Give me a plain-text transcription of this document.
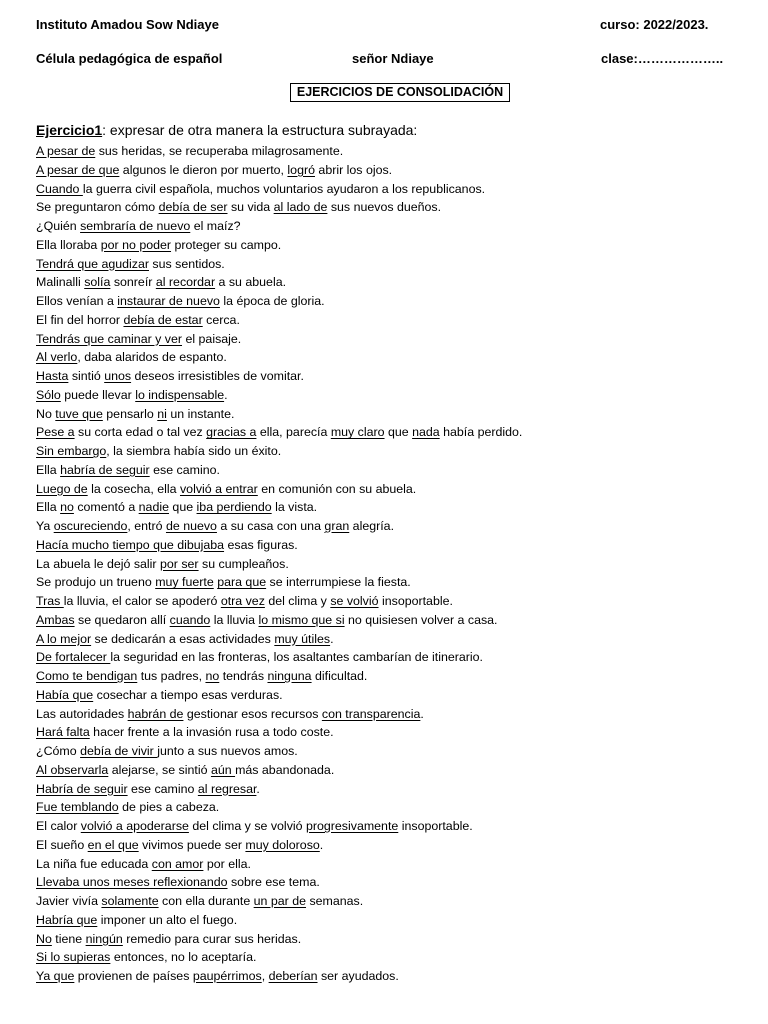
Instituto Amadou Sow Ndiaye	curso: 2022/2023.
Célula pedagógica de español	señor Ndiaye	clase:………………..
EJERCICIOS DE CONSOLIDACIÓN
Ejercicio1: expresar de otra manera la estructura subrayada:
A pesar de sus heridas, se recuperaba milagrosamente.
A pesar de que algunos le dieron por muerto, logró abrir los ojos.
Cuando la guerra civil española, muchos voluntarios ayudaron a los republicanos.
Se preguntaron cómo debía de ser su vida al lado de sus nuevos dueños.
¿Quién sembraría de nuevo el maíz?
Ella lloraba por no poder proteger su campo.
Tendrá que agudizar sus sentidos.
Malinalli solía sonreír al recordar a su abuela.
Ellos venían a instaurar de nuevo la época de gloria.
El fin del horror debía de estar cerca.
Tendrás que caminar y ver el paisaje.
Al verlo, daba alaridos de espanto.
Hasta sintió unos deseos irresistibles de vomitar.
Sólo puede llevar lo indispensable.
No tuve que pensarlo ni un instante.
Pese a su corta edad o tal vez gracias a ella, parecía muy claro que nada había perdido.
Sin embargo, la siembra había sido un éxito.
Ella habría de seguir ese camino.
Luego de la cosecha, ella volvió a entrar en comunión con su abuela.
Ella no comentó a nadie que iba perdiendo la vista.
Ya oscureciendo, entró de nuevo a su casa con una gran alegría.
Hacía mucho tiempo que dibujaba esas figuras.
La abuela le dejó salir por ser su cumpleaños.
Se produjo un trueno muy fuerte para que se interrumpiese la fiesta.
Tras la lluvia, el calor se apoderó otra vez del clima y se volvió insoportable.
Ambas se quedaron allí cuando la lluvia lo mismo que si no quisiesen volver a casa.
A lo mejor se dedicarán a esas actividades muy útiles.
De fortalecer la seguridad en las fronteras, los asaltantes cambarían de itinerario.
Como te bendigan tus padres, no tendrás ninguna dificultad.
Había que cosechar a tiempo esas verduras.
Las autoridades habrán de gestionar esos recursos con transparencia.
Hará falta hacer frente a la invasión rusa a todo coste.
¿Cómo debía de vivir junto a sus nuevos amos.
Al observarla alejarse, se sintió aún más abandonada.
Habría de seguir ese camino al regresar.
Fue temblando de pies a cabeza.
El calor volvió a apoderarse del clima y se volvió progresivamente insoportable.
El sueño en el que vivimos puede ser muy doloroso.
La niña fue educada con amor por ella.
Llevaba unos meses reflexionando sobre ese tema.
Javier vivía solamente con ella durante un par de semanas.
Habría que imponer un alto el fuego.
No tiene ningún remedio para curar sus heridas.
Si lo supieras entonces, no lo aceptaría.
Ya que provienen de países paupérrimos, deberían ser ayudados.
